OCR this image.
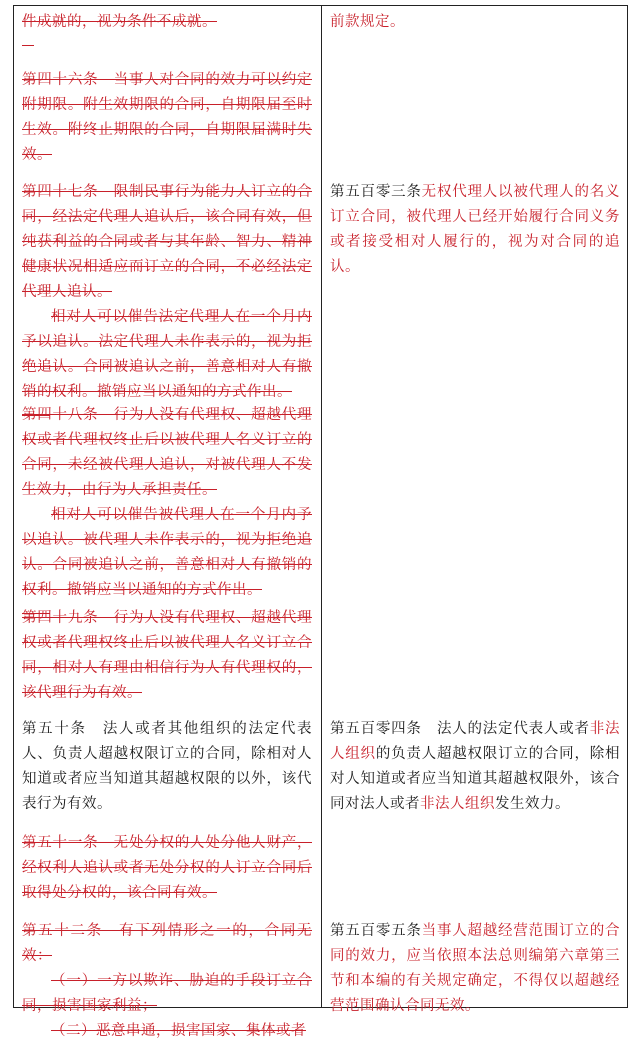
件成就的，视为条件不成就。
第四十六条　当事人对合同的效力可以约定附期限。附生效期限的合同，自期限届至时生效。附终止期限的合同，自期限届满时失效。

第四十七条　限制民事行为能力人订立的合同，经法定代理人追认后，该合同有效，但纯获利益的合同或者与其年龄、智力、精神健康状况相适应而订立的合同，不必经法定代理人追认。

相对人可以催告法定代理人在一个月内予以追认。法定代理人未作表示的，视为拒绝追认。合同被追认之前，善意相对人有撤销的权利。撤销应当以通知的方式作出。

第四十八条　行为人没有代理权、超越代理权或者代理权终止后以被代理人名义订立的合同，未经被代理人追认，对被代理人不发生效力，由行为人承担责任。

相对人可以催告被代理人在一个月内予以追认。被代理人未作表示的，视为拒绝追认。合同被追认之前，善意相对人有撤销的权利。撤销应当以通知的方式作出。

第四十九条　行为人没有代理权、超越代理权或者代理权终止后以被代理人名义订立合同，相对人有理由相信行为人有代理权的，该代理行为有效。
第五十条　法人或者其他组织的法定代表人、负责人超越权限订立的合同，除相对人知道或者应当知道其超越权限的以外，该代表行为有效。
第五十一条　无处分权的人处分他人财产，经权利人追认或者无处分权的人订立合同后取得处分权的，该合同有效。

第五十二条　有下列情形之一的，合同无效：

（一）一方以欺诈、胁迫的手段订立合同，损害国家利益；

（二）恶意串通，损害国家、集体或者

前款规定。
第五百零三条无权代理人以被代理人的名义订立合同，被代理人已经开始履行合同义务或者接受相对人履行的，视为对合同的追认。
第五百零四条　法人的法定代表人或者非法人组织的负责人超越权限订立的合同，除相对人知道或者应当知道其超越权限外，该合同对法人或者非法人组织发生效力。
第五百零五条当事人超越经营范围订立的合同的效力，应当依照本法总则编第六章第三节和本编的有关规定确定，不得仅以超越经营范围确认合同无效。
